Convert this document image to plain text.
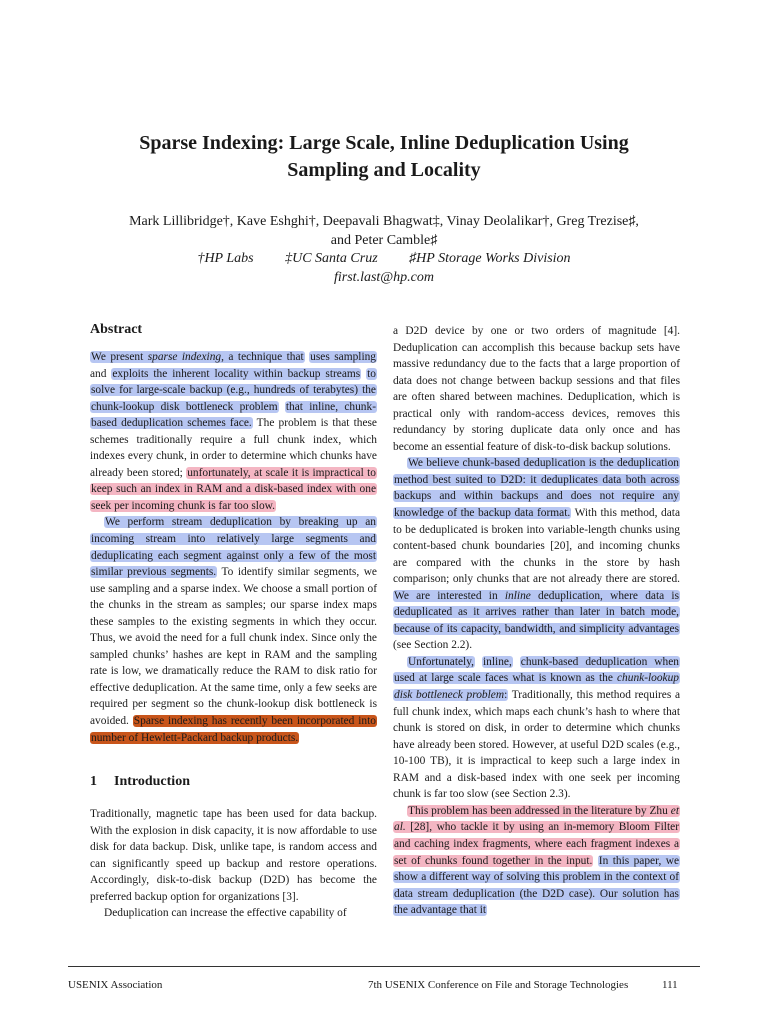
Sparse Indexing: Large Scale, Inline Deduplication Using
Sampling and Locality
Mark Lillibridge†, Kave Eshghi†, Deepavali Bhagwat‡, Vinay Deolalikar†, Greg Trezise♯,
and Peter Camble♯
†HP Labs ‡UC Santa Cruz ♯HP Storage Works Division
first.last@hp.com
Abstract

We present sparse indexing, a technique that uses sampling and exploits the inherent locality within backup streams to solve for large-scale backup (e.g., hundreds of terabytes) the chunk-lookup disk bottleneck problem that inline, chunk-based deduplication schemes face. The problem is that these schemes traditionally require a full chunk index, which indexes every chunk, in order to determine which chunks have already been stored; unfortunately, at scale it is impractical to keep such an index in RAM and a disk-based index with one seek per incoming chunk is far too slow.

We perform stream deduplication by breaking up an incoming stream into relatively large segments and deduplicating each segment against only a few of the most similar previous segments. To identify similar segments, we use sampling and a sparse index. We choose a small portion of the chunks in the stream as samples; our sparse index maps these samples to the existing segments in which they occur. Thus, we avoid the need for a full chunk index. Since only the sampled chunks’ hashes are kept in RAM and the sampling rate is low, we dramatically reduce the RAM to disk ratio for effective deduplication. At the same time, only a few seeks are required per segment so the chunk-lookup disk bottleneck is avoided. Sparse indexing has recently been incorporated into number of Hewlett-Packard backup products.

1 Introduction

Traditionally, magnetic tape has been used for data backup. With the explosion in disk capacity, it is now affordable to use disk for data backup. Disk, unlike tape, is random access and can significantly speed up backup and restore operations. Accordingly, disk-to-disk backup (D2D) has become the preferred backup option for organizations [3].

Deduplication can increase the effective capability of

a D2D device by one or two orders of magnitude [4]. Deduplication can accomplish this because backup sets have massive redundancy due to the facts that a large proportion of data does not change between backup sessions and that files are often shared between machines. Deduplication, which is practical only with random-access devices, removes this redundancy by storing duplicate data only once and has become an essential feature of disk-to-disk backup solutions.

We believe chunk-based deduplication is the deduplication method best suited to D2D: it deduplicates data both across backups and within backups and does not require any knowledge of the backup data format. With this method, data to be deduplicated is broken into variable-length chunks using content-based chunk boundaries [20], and incoming chunks are compared with the chunks in the store by hash comparison; only chunks that are not already there are stored. We are interested in inline deduplication, where data is deduplicated as it arrives rather than later in batch mode, because of its capacity, bandwidth, and simplicity advantages (see Section 2.2).

Unfortunately, inline, chunk-based deduplication when used at large scale faces what is known as the chunk-lookup disk bottleneck problem: Traditionally, this method requires a full chunk index, which maps each chunk’s hash to where that chunk is stored on disk, in order to determine which chunks have already been stored. However, at useful D2D scales (e.g., 10-100 TB), it is impractical to keep such a large index in RAM and a disk-based index with one seek per incoming chunk is far too slow (see Section 2.3).

This problem has been addressed in the literature by Zhu et al. [28], who tackle it by using an in-memory Bloom Filter and caching index fragments, where each fragment indexes a set of chunks found together in the input. In this paper, we show a different way of solving this problem in the context of data stream deduplication (the D2D case). Our solution has the advantage that it

USENIX Association	7th USENIX Conference on File and Storage Technologies	111
